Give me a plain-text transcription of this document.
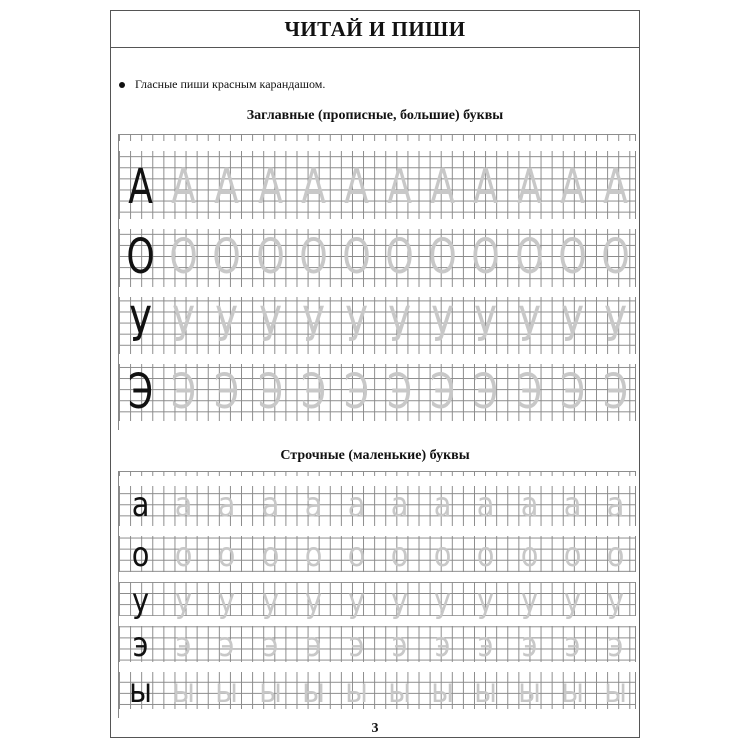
ЧИТАЙ И ПИШИ
Гласные пиши красным карандашом.
Заглавные (прописные, большие) буквы
А А А А А А А А А А А А
О О О О О О О О О О О О
У У У У У У У У У У У У
Э Э Э Э Э Э Э Э Э Э Э Э
Строчные (маленькие) буквы
а а а а а а а а а а а а
о о о о о о о о о о о о
у у у у у у у у у у у у
э э э э э э э э э э э э
ы ы ы ы ы ы ы ы ы ы ы ы
3
